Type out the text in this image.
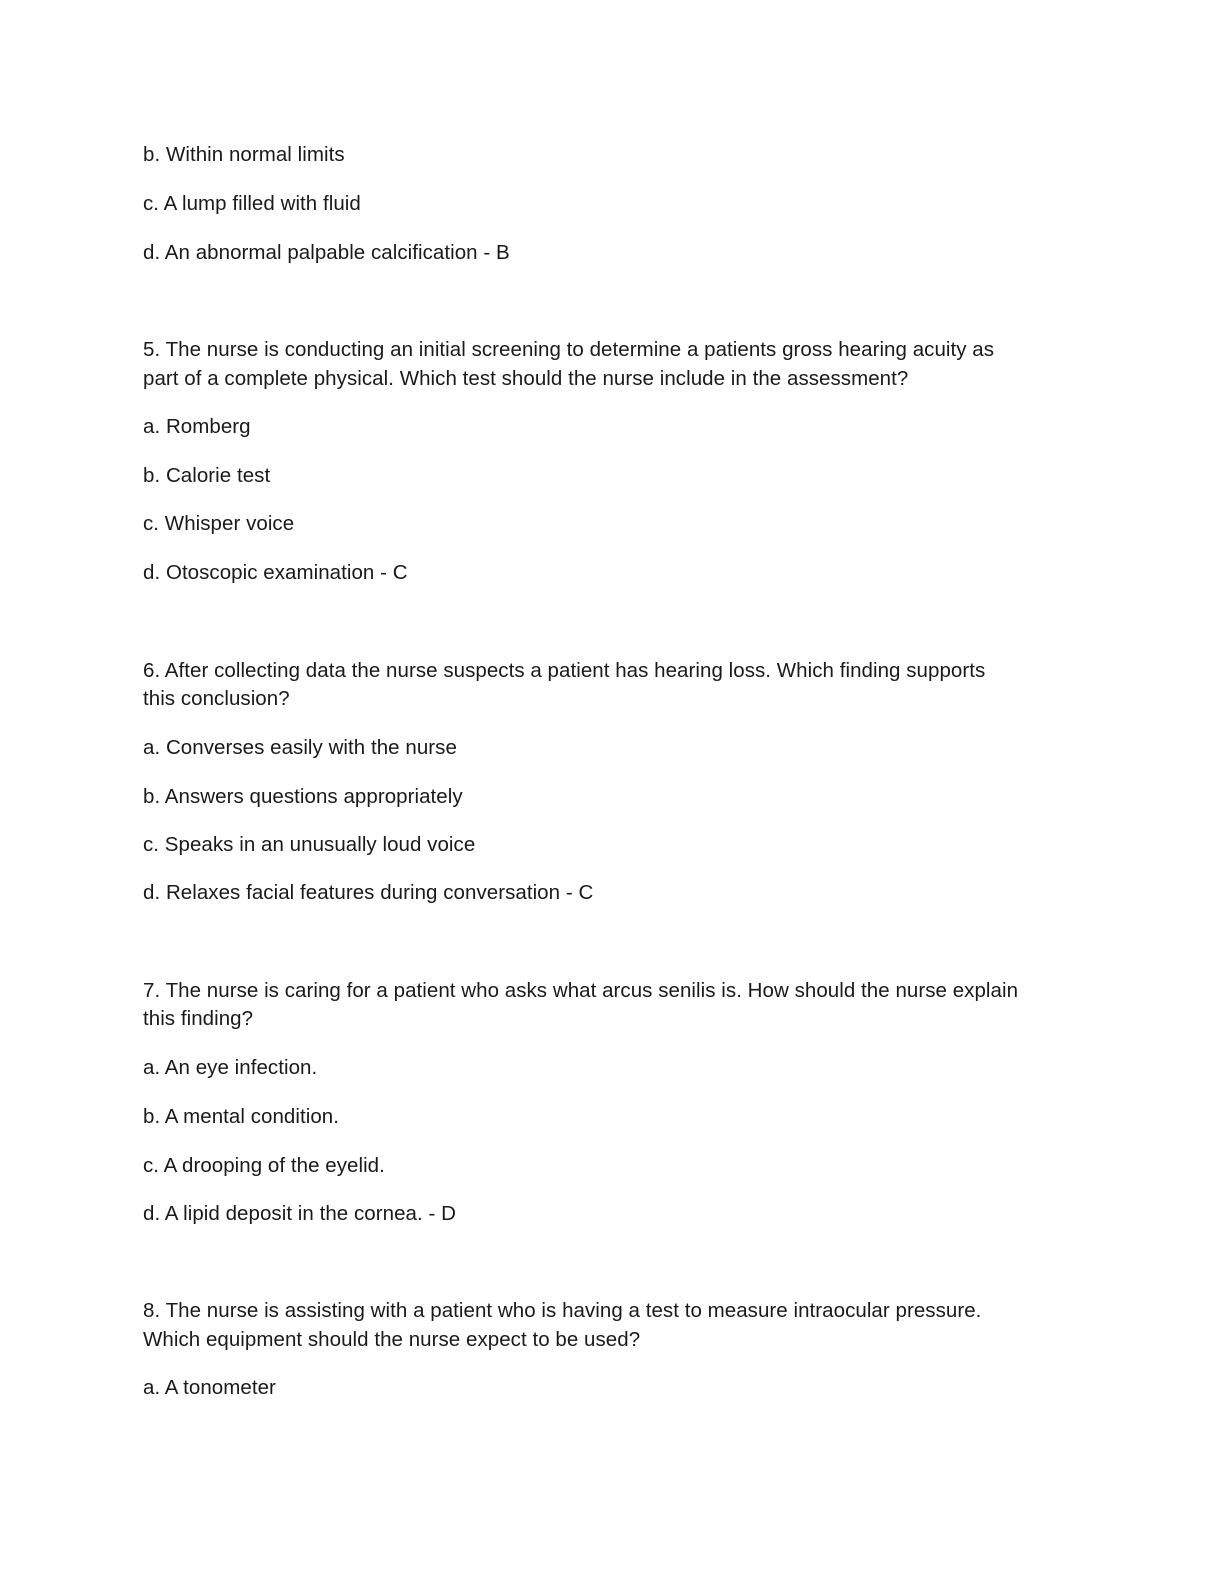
b. Within normal limits
c. A lump filled with fluid
d. An abnormal palpable calcification - B
5. The nurse is conducting an initial screening to determine a patients gross hearing acuity as
part of a complete physical. Which test should the nurse include in the assessment?
a. Romberg
b. Calorie test
c. Whisper voice
d. Otoscopic examination - C
6. After collecting data the nurse suspects a patient has hearing loss. Which finding supports
this conclusion?
a. Converses easily with the nurse
b. Answers questions appropriately
c. Speaks in an unusually loud voice
d. Relaxes facial features during conversation - C
7. The nurse is caring for a patient who asks what arcus senilis is. How should the nurse explain
this finding?
a. An eye infection.
b. A mental condition.
c. A drooping of the eyelid.
d. A lipid deposit in the cornea. - D
8. The nurse is assisting with a patient who is having a test to measure intraocular pressure.
Which equipment should the nurse expect to be used?
a. A tonometer
